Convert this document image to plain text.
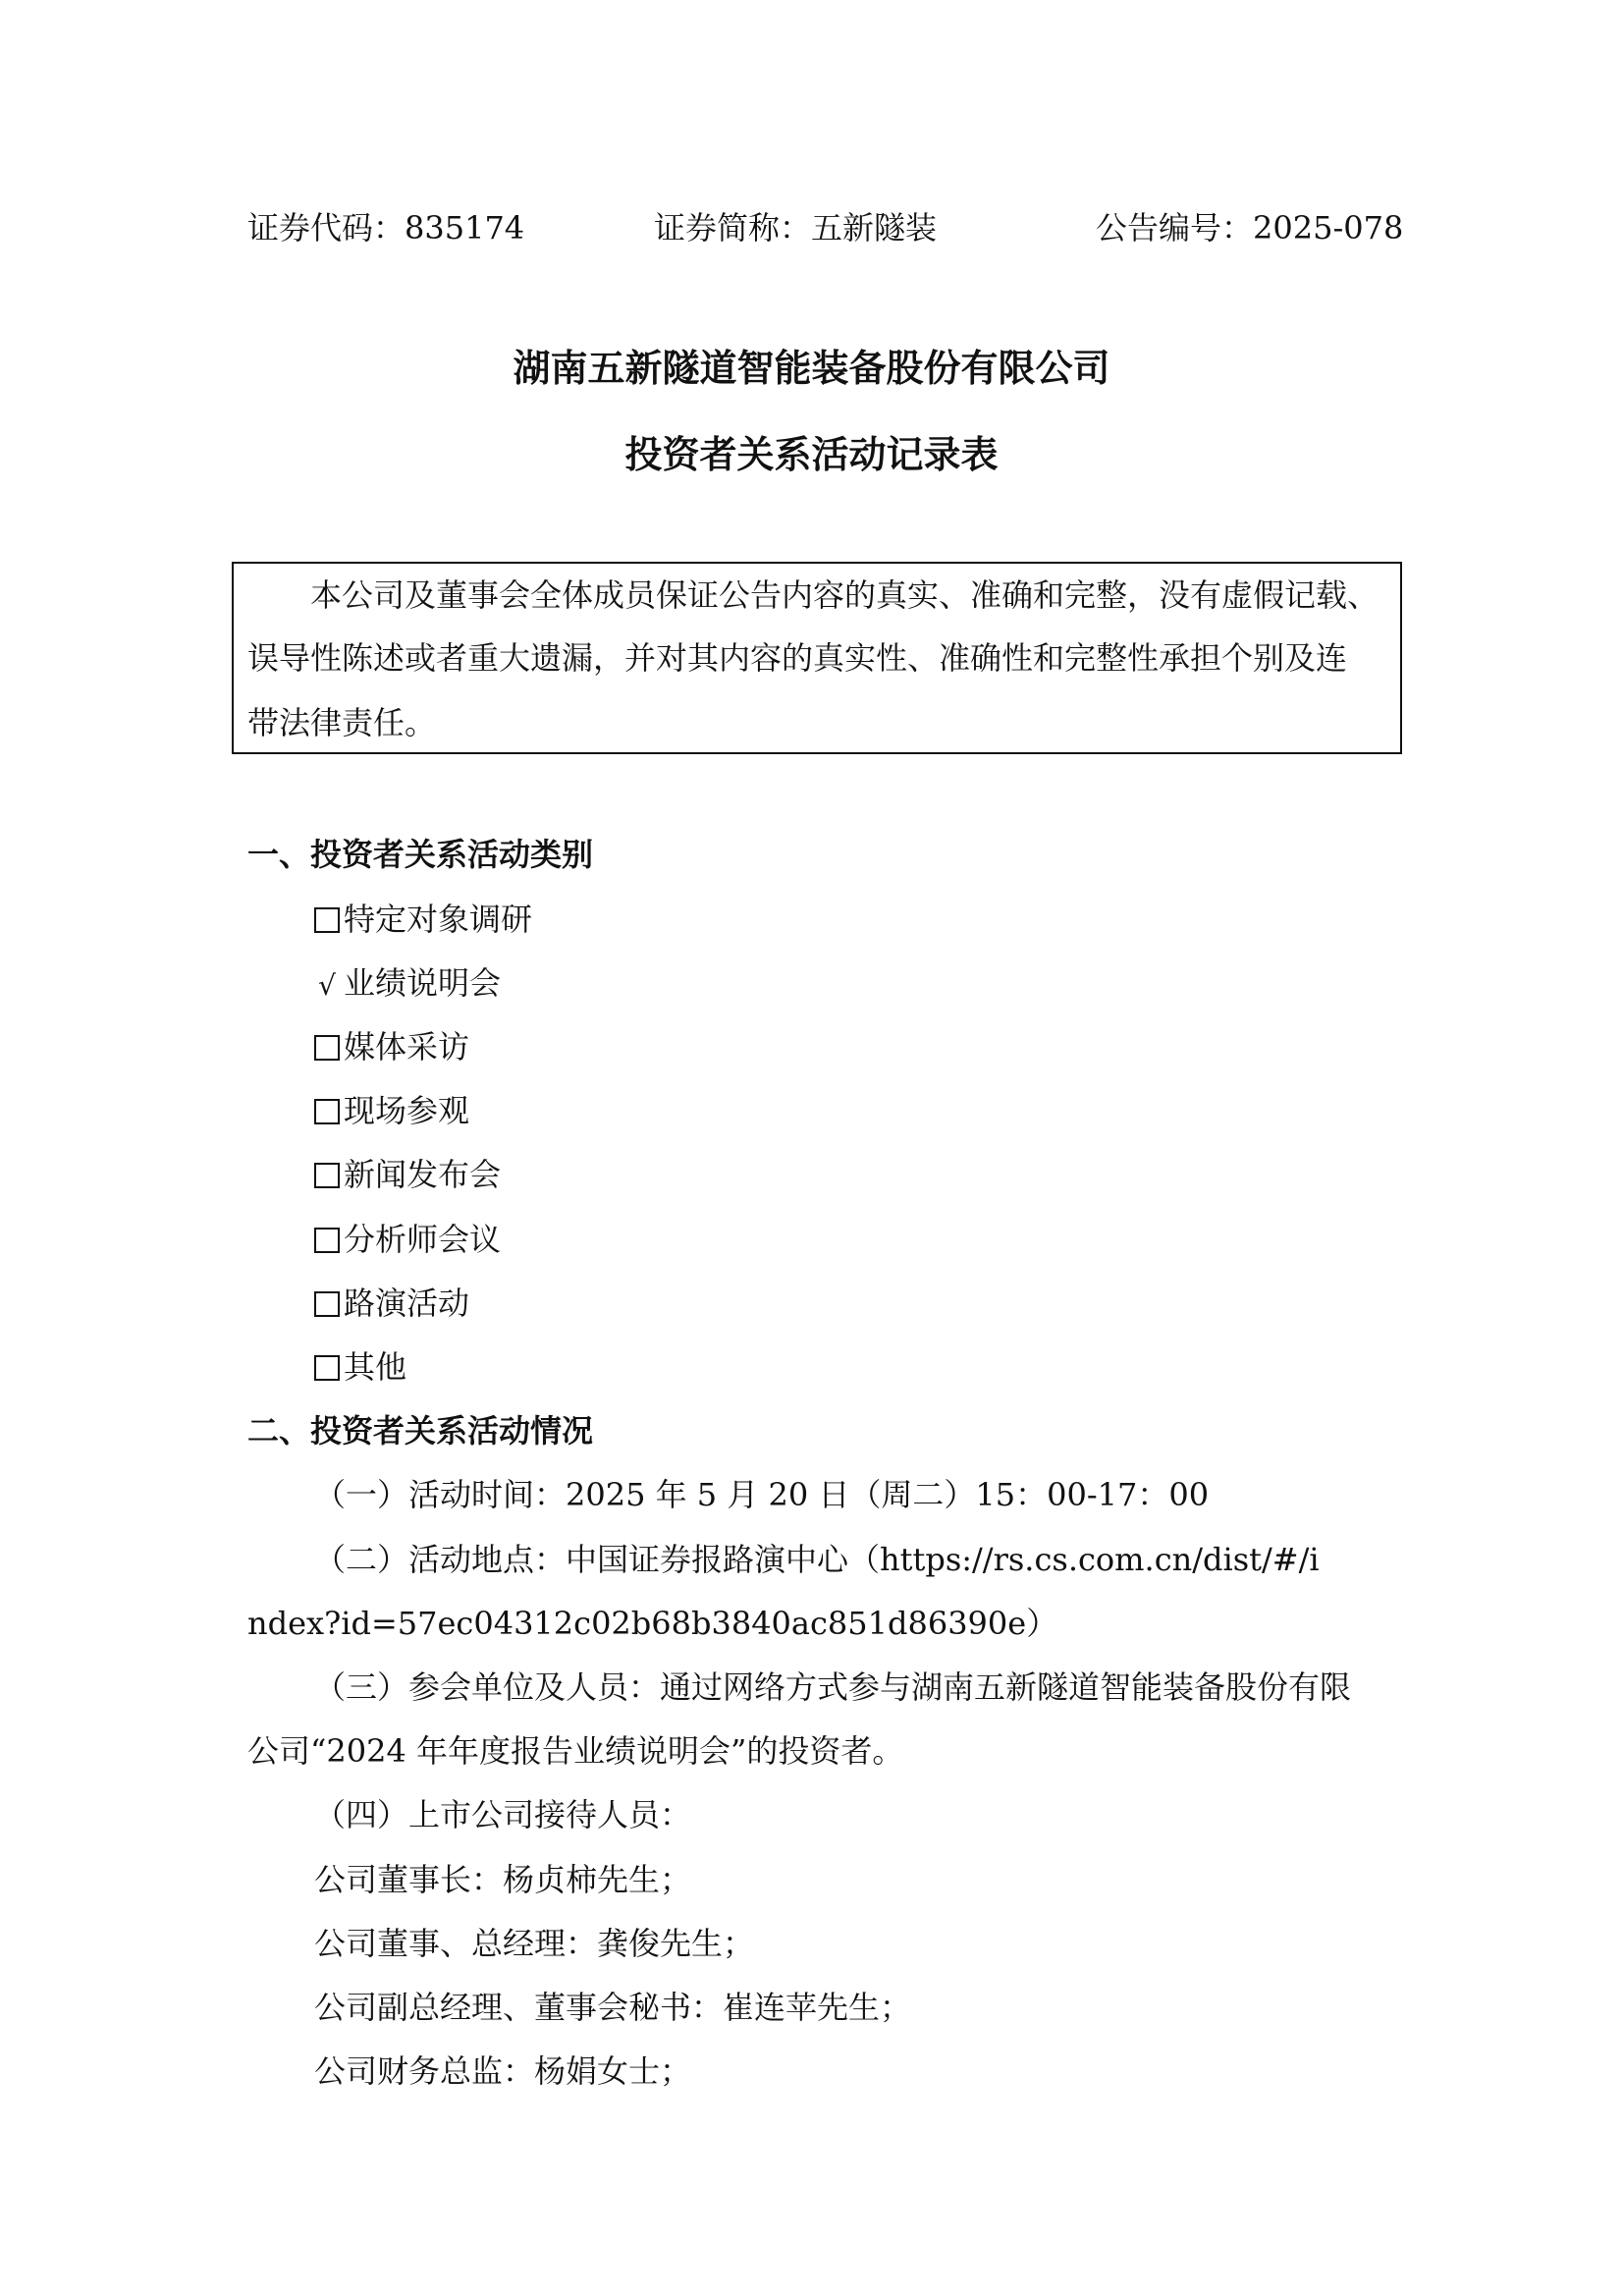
证券代码：835174	证券简称：五新隧装	公告编号：2025-078
湖南五新隧道智能装备股份有限公司
投资者关系活动记录表
本公司及董事会全体成员保证公告内容的真实、准确和完整，没有虚假记载、
误导性陈述或者重大遗漏，并对其内容的真实性、准确性和完整性承担个别及连
带法律责任。
一、投资者关系活动类别
特定对象调研
√ 业绩说明会
媒体采访
现场参观
新闻发布会
分析师会议
路演活动
其他
二、投资者关系活动情况
（一）活动时间：2025 年 5 月 20 日（周二）15：00-17：00
（二）活动地点：中国证券报路演中心（https://rs.cs.com.cn/dist/#/i
ndex?id=57ec04312c02b68b3840ac851d86390e）
（三）参会单位及人员：通过网络方式参与湖南五新隧道智能装备股份有限
公司“2024 年年度报告业绩说明会”的投资者。
（四）上市公司接待人员：
公司董事长：杨贞柿先生；
公司董事、总经理：龚俊先生；
公司副总经理、董事会秘书：崔连苹先生；
公司财务总监：杨娟女士；
